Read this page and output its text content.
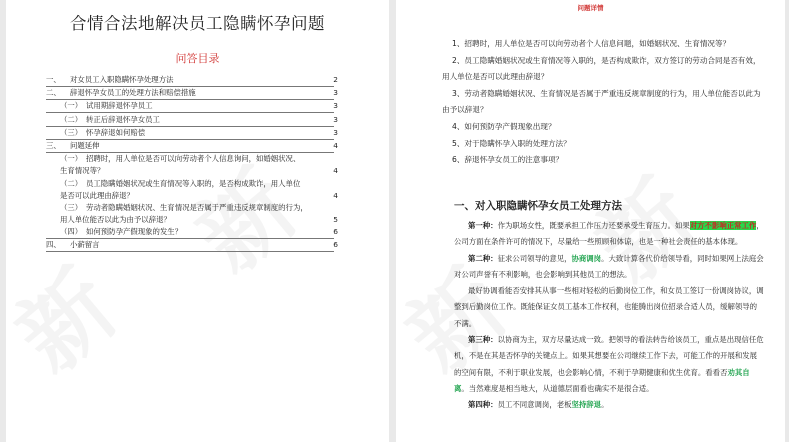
合情合法地解决员工隐瞒怀孕问题
问答目录
一、 对女员工入职隐瞒怀孕处理方法	2
二、 辞退怀孕女员工的处理方法和赔偿措施	3
（一） 试用期辞退怀孕员工	3
（二） 转正后辞退怀孕女员工	3
（三） 怀孕辞退如何赔偿	3
三、 问题延伸	4
（一） 招聘时，用人单位是否可以向劳动者个人信息询问，如婚姻状况、
生育情况等？	4
（二） 员工隐瞒婚姻状况或生育情况等入职的，是否构成欺诈，用人单位
是否可以此理由辞退？	4
（三） 劳动者隐瞒婚姻状况、生育情况是否属于严重违反规章制度的行为，
用人单位能否以此为由予以辞退？	5
（四） 如何预防孕产假现象的发生？	6
四、 小薪留言	6
问题详情

1、招聘时，用人单位是否可以向劳动者个人信息问题，如婚姻状况、生育情况等？

2、员工隐瞒婚姻状况或生育情况等入职的，是否构成欺诈，双方签订的劳动合同是否有效，用人单位是否可以此理由辞退？

3、劳动者隐瞒婚姻状况、生育情况是否属于严重违反规章制度的行为，用人单位能否以此为由予以辞退？

4、如何预防孕产假现象出现？

5、对于隐瞒怀孕入职的处理方法？

6、辞退怀孕女员工的注意事项？

一、对入职隐瞒怀孕女员工处理方法

第一种：作为职场女性，既要承担工作压力还要承受生育压力。如果对方不影响正常工作，公司方面在条件许可的情况下，尽量给一些照顾和体谅，也是一种社会责任的基本体现。

第二种：征求公司领导的意见，协商调岗。大致计算各代价给领导看，同时如果网上法庭会对公司声誉有不利影响，也会影响到其他员工的想法。

最好协调看能否安排其从事一些相对轻松的后勤岗位工作，和女员工签订一份调岗协议，调整到后勤岗位工作。既能保证女员工基本工作权利，也能腾出岗位招录合适人员，缓解领导的不满。

第三种：以协商为主，双方尽量达成一致。把领导的看法转告给该员工，重点是出现信任危机，不是在其是否怀孕的关键点上。如果其想要在公司继续工作下去，可能工作的开展和发展的空间有限，不利于职业发展，也会影响心情，不利于孕期健康和优生优育。看看否劝其自离。当然难度是相当地大，从道德层面看也确实不是很合适。

第四种：员工不同意调岗，老板坚持辞退。
